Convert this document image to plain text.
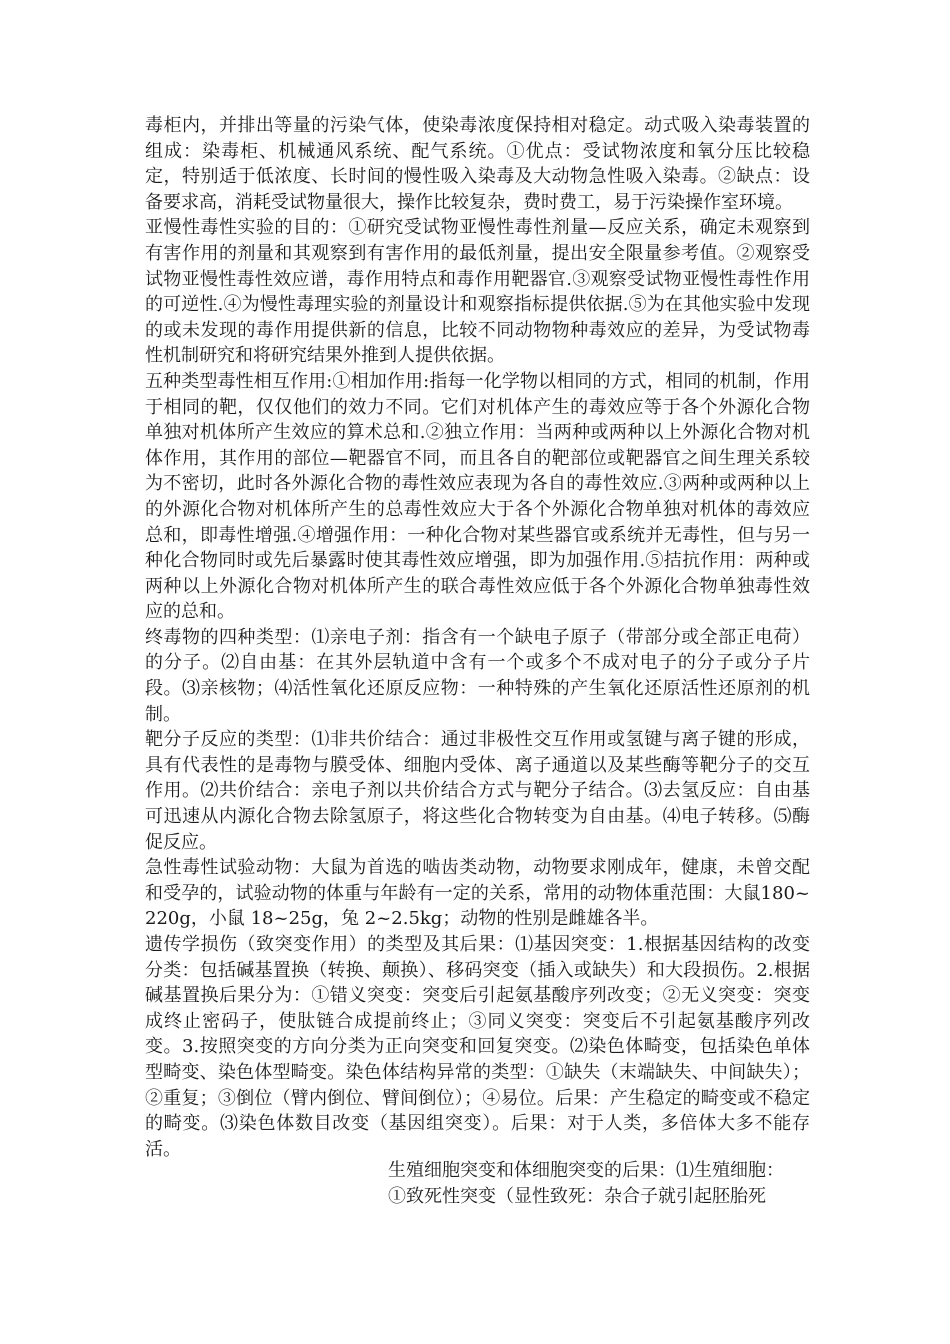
毒柜内，并排出等量的污染气体，使染毒浓度保持相对稳定。动式吸入染毒装置的组成：染毒柜、机械通风系统、配气系统。①优点：受试物浓度和氧分压比较稳定，特别适于低浓度、长时间的慢性吸入染毒及大动物急性吸入染毒。②缺点：设备要求高，消耗受试物量很大，操作比较复杂，费时费工，易于污染操作室环境。

亚慢性毒性实验的目的：①研究受试物亚慢性毒性剂量—反应关系，确定未观察到有害作用的剂量和其观察到有害作用的最低剂量，提出安全限量参考值。②观察受试物亚慢性毒性效应谱，毒作用特点和毒作用靶器官.③观察受试物亚慢性毒性作用的可逆性.④为慢性毒理实验的剂量设计和观察指标提供依据.⑤为在其他实验中发现的或未发现的毒作用提供新的信息，比较不同动物物种毒效应的差异，为受试物毒性机制研究和将研究结果外推到人提供依据。

五种类型毒性相互作用:①相加作用:指每一化学物以相同的方式，相同的机制，作用于相同的靶，仅仅他们的效力不同。它们对机体产生的毒效应等于各个外源化合物单独对机体所产生效应的算术总和.②独立作用：当两种或两种以上外源化合物对机体作用，其作用的部位—靶器官不同，而且各自的靶部位或靶器官之间生理关系较为不密切，此时各外源化合物的毒性效应表现为各自的毒性效应.③两种或两种以上的外源化合物对机体所产生的总毒性效应大于各个外源化合物单独对机体的毒效应总和，即毒性增强.④增强作用：一种化合物对某些器官或系统并无毒性，但与另一种化合物同时或先后暴露时使其毒性效应增强，即为加强作用.⑤拮抗作用：两种或两种以上外源化合物对机体所产生的联合毒性效应低于各个外源化合物单独毒性效应的总和。

终毒物的四种类型：⑴亲电子剂：指含有一个缺电子原子（带部分或全部正电荷）的分子。⑵自由基：在其外层轨道中含有一个或多个不成对电子的分子或分子片段。⑶亲核物；⑷活性氧化还原反应物：一种特殊的产生氧化还原活性还原剂的机制。

靶分子反应的类型：⑴非共价结合：通过非极性交互作用或氢键与离子键的形成，具有代表性的是毒物与膜受体、细胞内受体、离子通道以及某些酶等靶分子的交互作用。⑵共价结合：亲电子剂以共价结合方式与靶分子结合。⑶去氢反应：自由基可迅速从内源化合物去除氢原子，将这些化合物转变为自由基。⑷电子转移。⑸酶促反应。

急性毒性试验动物：大鼠为首选的啮齿类动物，动物要求刚成年，健康，未曾交配和受孕的，试验动物的体重与年龄有一定的关系，常用的动物体重范围：大鼠180~220g，小鼠 18~25g，兔 2~2.5kg；动物的性别是雌雄各半。

遗传学损伤（致突变作用）的类型及其后果：⑴基因突变：1.根据基因结构的改变分类：包括碱基置换（转换、颠换）、移码突变（插入或缺失）和大段损伤。2.根据碱基置换后果分为：①错义突变：突变后引起氨基酸序列改变；②无义突变：突变成终止密码子，使肽链合成提前终止；③同义突变：突变后不引起氨基酸序列改变。3.按照突变的方向分类为正向突变和回复突变。⑵染色体畸变，包括染色单体型畸变、染色体型畸变。染色体结构异常的类型：①缺失（末端缺失、中间缺失）；②重复；③倒位（臂内倒位、臂间倒位）；④易位。后果：产生稳定的畸变或不稳定的畸变。⑶染色体数目改变（基因组突变）。后果：对于人类，多倍体大多不能存活。

生殖细胞突变和体细胞突变的后果：⑴生殖细胞：

①致死性突变（显性致死：杂合子就引起胚胎死
